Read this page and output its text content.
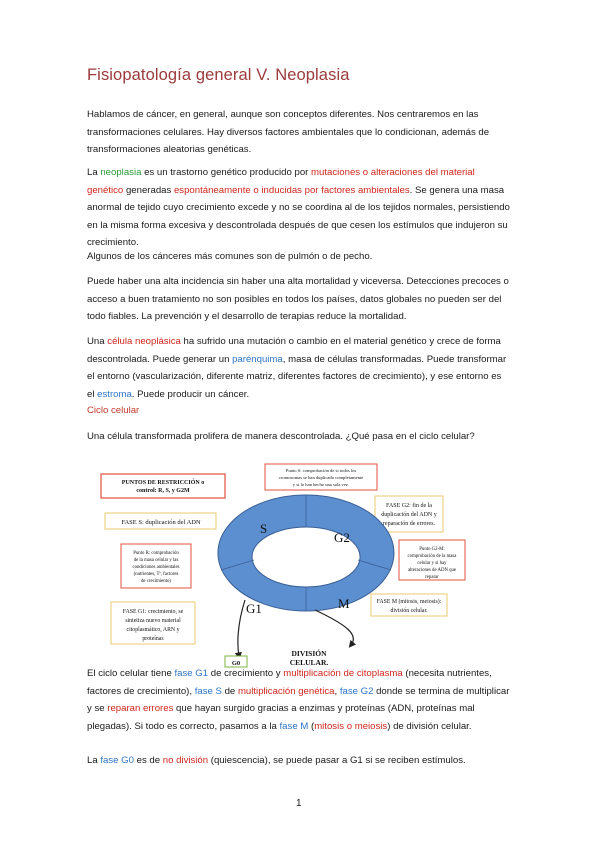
Fisiopatología general V. Neoplasia

Hablamos de cáncer, en general, aunque son conceptos diferentes. Nos centraremos en las transformaciones celulares. Hay diversos factores ambientales que lo condicionan, además de transformaciones aleatorias genéticas.

La neoplasia es un trastorno genético producido por mutaciones o alteraciones del material genético generadas espontáneamente o inducidas por factores ambientales. Se genera una masa anormal de tejido cuyo crecimiento excede y no se coordina al de los tejidos normales, persistiendo en la misma forma excesiva y descontrolada después de que cesen los estímulos que indujeron su crecimiento.

Algunos de los cánceres más comunes son de pulmón o de pecho.

Puede haber una alta incidencia sin haber una alta mortalidad y viceversa. Detecciones precoces o acceso a buen tratamiento no son posibles en todos los países, datos globales no pueden ser del todo fiables. La prevención y el desarrollo de terapias reduce la mortalidad.

Una célula neoplásica ha sufrido una mutación o cambio en el material genético y crece de forma descontrolada. Puede generar un parénquima, masa de células transformadas. Puede transformar el entorno (vascularización, diferente matriz, diferentes factores de crecimiento), y ese entorno es el estroma. Puede producir un cáncer.

Ciclo celular

Una célula transformada prolifera de manera descontrolada. ¿Qué pasa en el ciclo celular?

PUNTOS DE RESTRICCIÓN o
control: R, S, y G2M
FASE S: duplicación del ADN
Punto S: comprobación de si todos los
cromosomas se han duplicado completamente
y si lo han hecho una sola vez.
FASE G2: fin de la
duplicación del ADN y
reparación de errores.
Punto R: comprobación
de la masa celular y las
condiciones ambientales
(nutrientes, Tª, factores
de crecimiento)
Punto G2-M:
comprobación de la masa
celular y si hay
alteraciones de ADN que
reparar
FASE M (mitosis, meiosis):
división celular.
FASE G1: crecimiento, se
sintetiza nuevo material
citoplasmático, ARN y
proteínas
S
G2
G1	M
G0
DIVISIÓN
CELULAR.

El ciclo celular tiene fase G1 de crecimiento y multiplicación de citoplasma (necesita nutrientes, factores de crecimiento), fase S de multiplicación genética, fase G2 donde se termina de multiplicar y se reparan errores que hayan surgido gracias a enzimas y proteínas (ADN, proteínas mal plegadas). Si todo es correcto, pasamos a la fase M (mitosis o meiosis) de división celular.

La fase G0 es de no división (quiescencia), se puede pasar a G1 si se reciben estímulos.

1
